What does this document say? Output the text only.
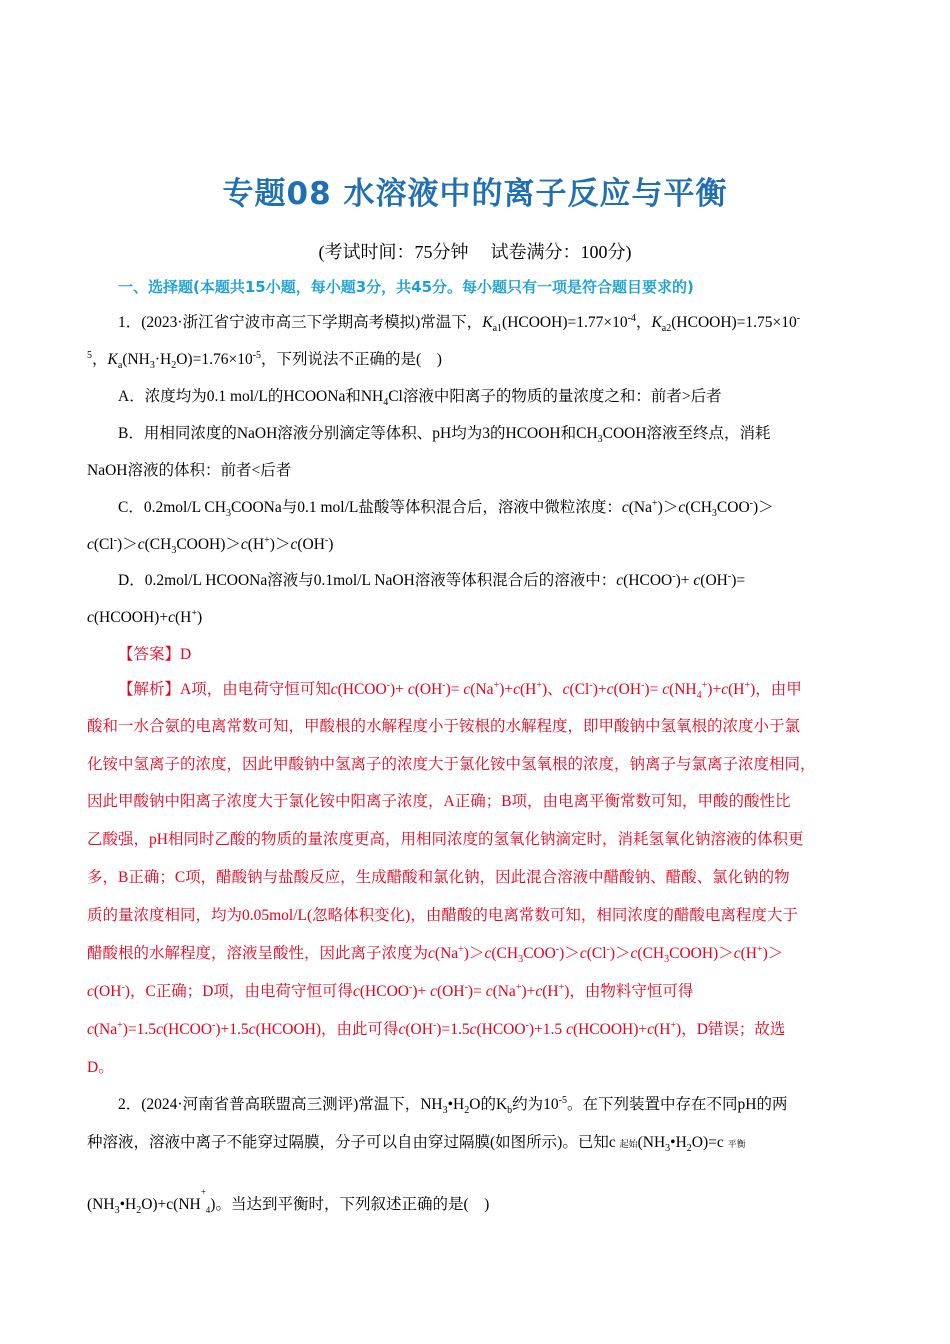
专题08 水溶液中的离子反应与平衡
(考试时间：75分钟 试卷满分：100分)
一、选择题(本题共15小题，每小题3分，共45分。每小题只有一项是符合题目要求的)
1．(2023·浙江省宁波市高三下学期高考模拟)常温下，$K_{a1}(HCOOH)=1.77\times 10^{-4}$，$K_{a2}(HCOOH)=1.75\times 10^-$
$^5$，$K_a(NH_3\cdot H_2O)=1.76\times 10^{-5}$，下列说法不正确的是(　)
A．浓度均为0.1 mol/L的HCOONa和$NH_4Cl$溶液中阳离子的物质的量浓度之和：前者>后者
B．用相同浓度的NaOH溶液分别滴定等体积、pH均为3的HCOOH和$CH_3COOH$溶液至终点，消耗
NaOH溶液的体积：前者<后者
C．0.2mol/L $CH_3COONa$与0.1 mol/L盐酸等体积混合后，溶液中微粒浓度：$c(Na^+)>c(CH_3COO^-)>$
$c(Cl^-)>c(CH_3COOH)>c(H^+)>c(OH^-)$
D．0.2mol/L HCOONa溶液与0.1mol/L NaOH溶液等体积混合后的溶液中：c(HCOO-)+ c(OH-)=
c(HCOOH)+c(H+)
【答案】D
【解析】A项，由电荷守恒可知c(HCOO-)+ c(OH-)= c(Na+)+c(H+)、$c(Cl^-)+c(OH^-)= c(NH_4^+)+c(H^+)$，由甲
酸和一水合氨的电离常数可知，甲酸根的水解程度小于铵根的水解程度，即甲酸钠中氢氧根的浓度小于氯
化铵中氢离子的浓度，因此甲酸钠中氢离子的浓度大于氯化铵中氢氧根的浓度，钠离子与氯离子浓度相同，
因此甲酸钠中阳离子浓度大于氯化铵中阳离子浓度，A正确；B项，由电离平衡常数可知，甲酸的酸性比
乙酸强，pH相同时乙酸的物质的量浓度更高，用相同浓度的氢氧化钠滴定时，消耗氢氧化钠溶液的体积更
多，B正确；C项，醋酸钠与盐酸反应，生成醋酸和氯化钠，因此混合溶液中醋酸钠、醋酸、氯化钠的物
质的量浓度相同，均为0.05mol/L(忽略体积变化)，由醋酸的电离常数可知，相同浓度的醋酸电离程度大于
醋酸根的水解程度，溶液呈酸性，因此离子浓度为$c(Na^+)>c(CH_3COO^-)>c(Cl^-)>c(CH_3COOH)>c(H^+)>$
c(OH-)，C正确；D项，由电荷守恒可得c(HCOO-)+ c(OH-)= c(Na+)+c(H+)，由物料守恒可得
c(Na+)=1.5c(HCOO-)+1.5c(HCOOH)，由此可得c(OH-)=1.5c(HCOO-)+1.5 c(HCOOH)+c(H+)，D错误；故选
D。
2．(2024·河南省普高联盟高三测评)常温下，$NH_3•H_2O$的$K_b$约为$10^{-5}$。在下列装置中存在不同pH的两
种溶液，溶液中离子不能穿过隔膜，分子可以自由穿过隔膜(如图所示)。已知c 起始$(NH_3•H_2O)=c$ 平衡
$(NH_3•H_2O)+c(NH^+_4)$。当达到平衡时，下列叙述正确的是(　)
